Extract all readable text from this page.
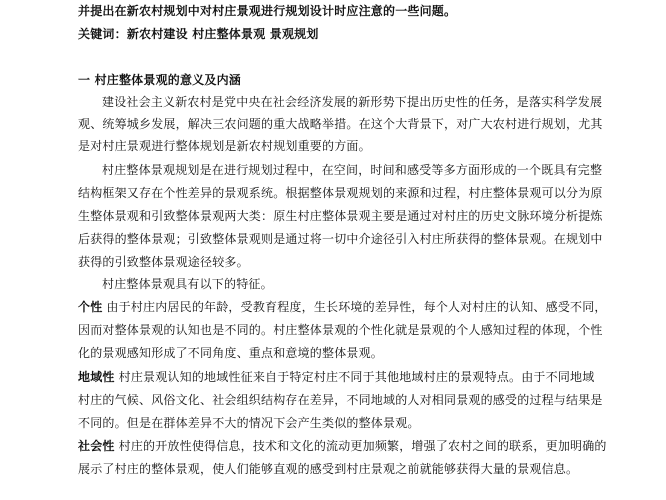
并提出在新农村规划中对村庄景观进行规划设计时应注意的一些问题。
关键词：新农村建设 村庄整体景观 景观规划
一 村庄整体景观的意义及内涵
建设社会主义新农村是党中央在社会经济发展的新形势下提出历史性的任务，是落实科学发展
观、统筹城乡发展，解决三农问题的重大战略举措。在这个大背景下，对广大农村进行规划，尤其
是对村庄景观进行整体规划是新农村规划重要的方面。
村庄整体景观规划是在进行规划过程中，在空间，时间和感受等多方面形成的一个既具有完整
结构框架又存在个性差异的景观系统。根据整体景观规划的来源和过程，村庄整体景观可以分为原
生整体景观和引致整体景观两大类：原生村庄整体景观主要是通过对村庄的历史文脉环境分析提炼
后获得的整体景观；引致整体景观则是通过将一切中介途径引入村庄所获得的整体景观。在规划中
获得的引致整体景观途径较多。
村庄整体景观具有以下的特征。
个性 由于村庄内居民的年龄，受教育程度，生长环境的差异性，每个人对村庄的认知、感受不同，
因而对整体景观的认知也是不同的。村庄整体景观的个性化就是景观的个人感知过程的体现，个性
化的景观感知形成了不同角度、重点和意境的整体景观。
地域性 村庄景观认知的地域性征来自于特定村庄不同于其他地域村庄的景观特点。由于不同地域
村庄的气候、风俗文化、社会组织结构存在差异，不同地域的人对相同景观的感受的过程与结果是
不同的。但是在群体差异不大的情况下会产生类似的整体景观。
社会性 村庄的开放性使得信息，技术和文化的流动更加频繁，增强了农村之间的联系，更加明确的
展示了村庄的整体景观，使人们能够直观的感受到村庄景观之前就能够获得大量的景观信息。
